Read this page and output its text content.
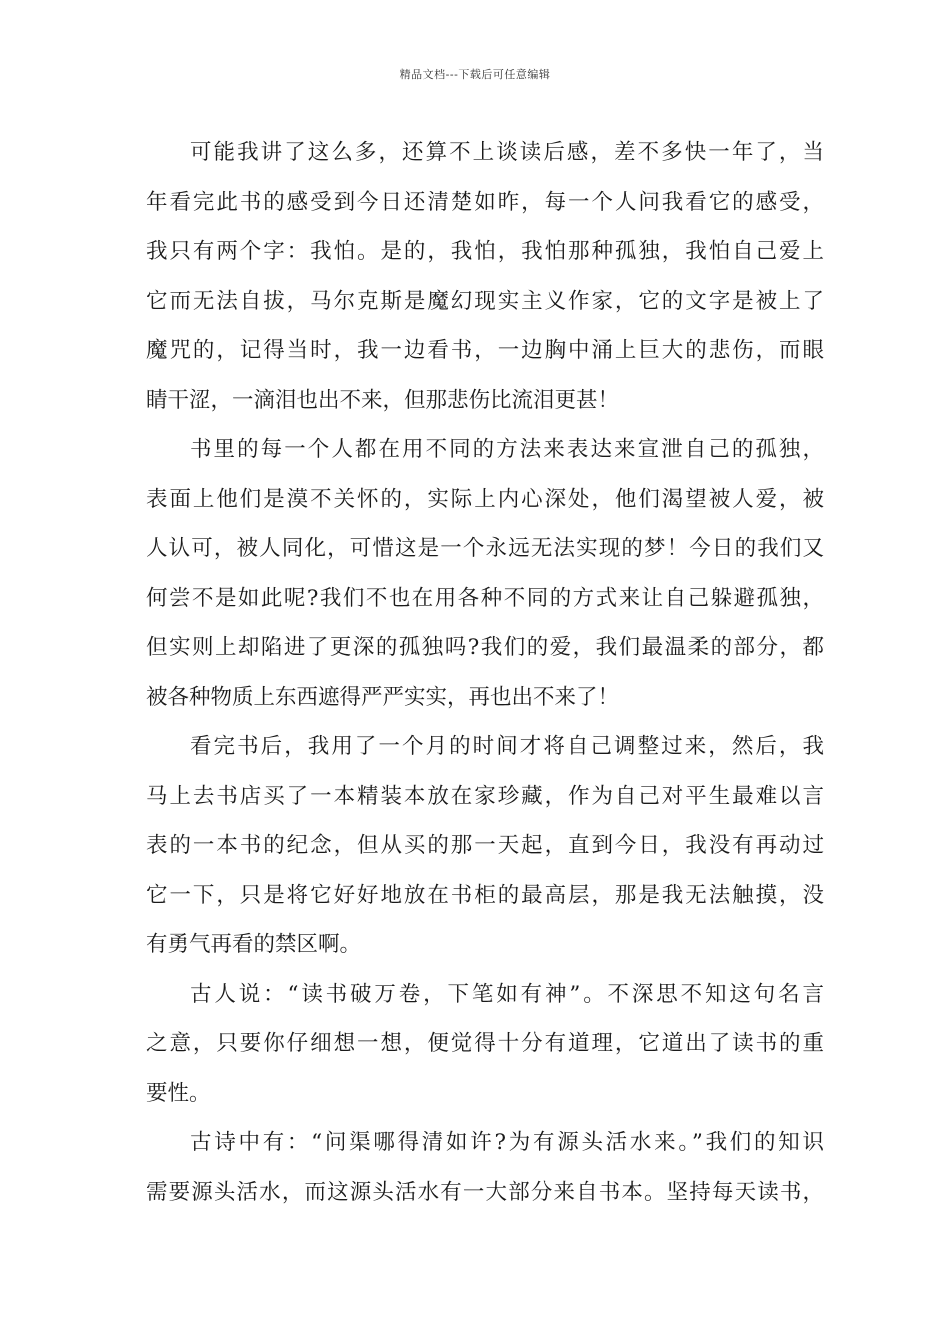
精品文档---下载后可任意编辑
可能我讲了这么多，还算不上谈读后感，差不多快一年了，当
年看完此书的感受到今日还清楚如昨，每一个人问我看它的感受，
我只有两个字：我怕。是的，我怕，我怕那种孤独，我怕自己爱上
它而无法自拔，马尔克斯是魔幻现实主义作家，它的文字是被上了
魔咒的，记得当时，我一边看书，一边胸中涌上巨大的悲伤，而眼
睛干涩，一滴泪也出不来，但那悲伤比流泪更甚！
书里的每一个人都在用不同的方法来表达来宣泄自己的孤独，
表面上他们是漠不关怀的，实际上内心深处，他们渴望被人爱，被
人认可，被人同化，可惜这是一个永远无法实现的梦！今日的我们又
何尝不是如此呢?我们不也在用各种不同的方式来让自己躲避孤独，
但实则上却陷进了更深的孤独吗?我们的爱，我们最温柔的部分，都
被各种物质上东西遮得严严实实，再也出不来了！
看完书后，我用了一个月的时间才将自己调整过来，然后，我
马上去书店买了一本精装本放在家珍藏，作为自己对平生最难以言
表的一本书的纪念，但从买的那一天起，直到今日，我没有再动过
它一下，只是将它好好地放在书柜的最高层，那是我无法触摸，没
有勇气再看的禁区啊。
古人说：“读书破万卷，下笔如有神”。不深思不知这句名言
之意，只要你仔细想一想，便觉得十分有道理，它道出了读书的重
要性。
古诗中有：“问渠哪得清如许?为有源头活水来。”我们的知识
需要源头活水，而这源头活水有一大部分来自书本。坚持每天读书，
